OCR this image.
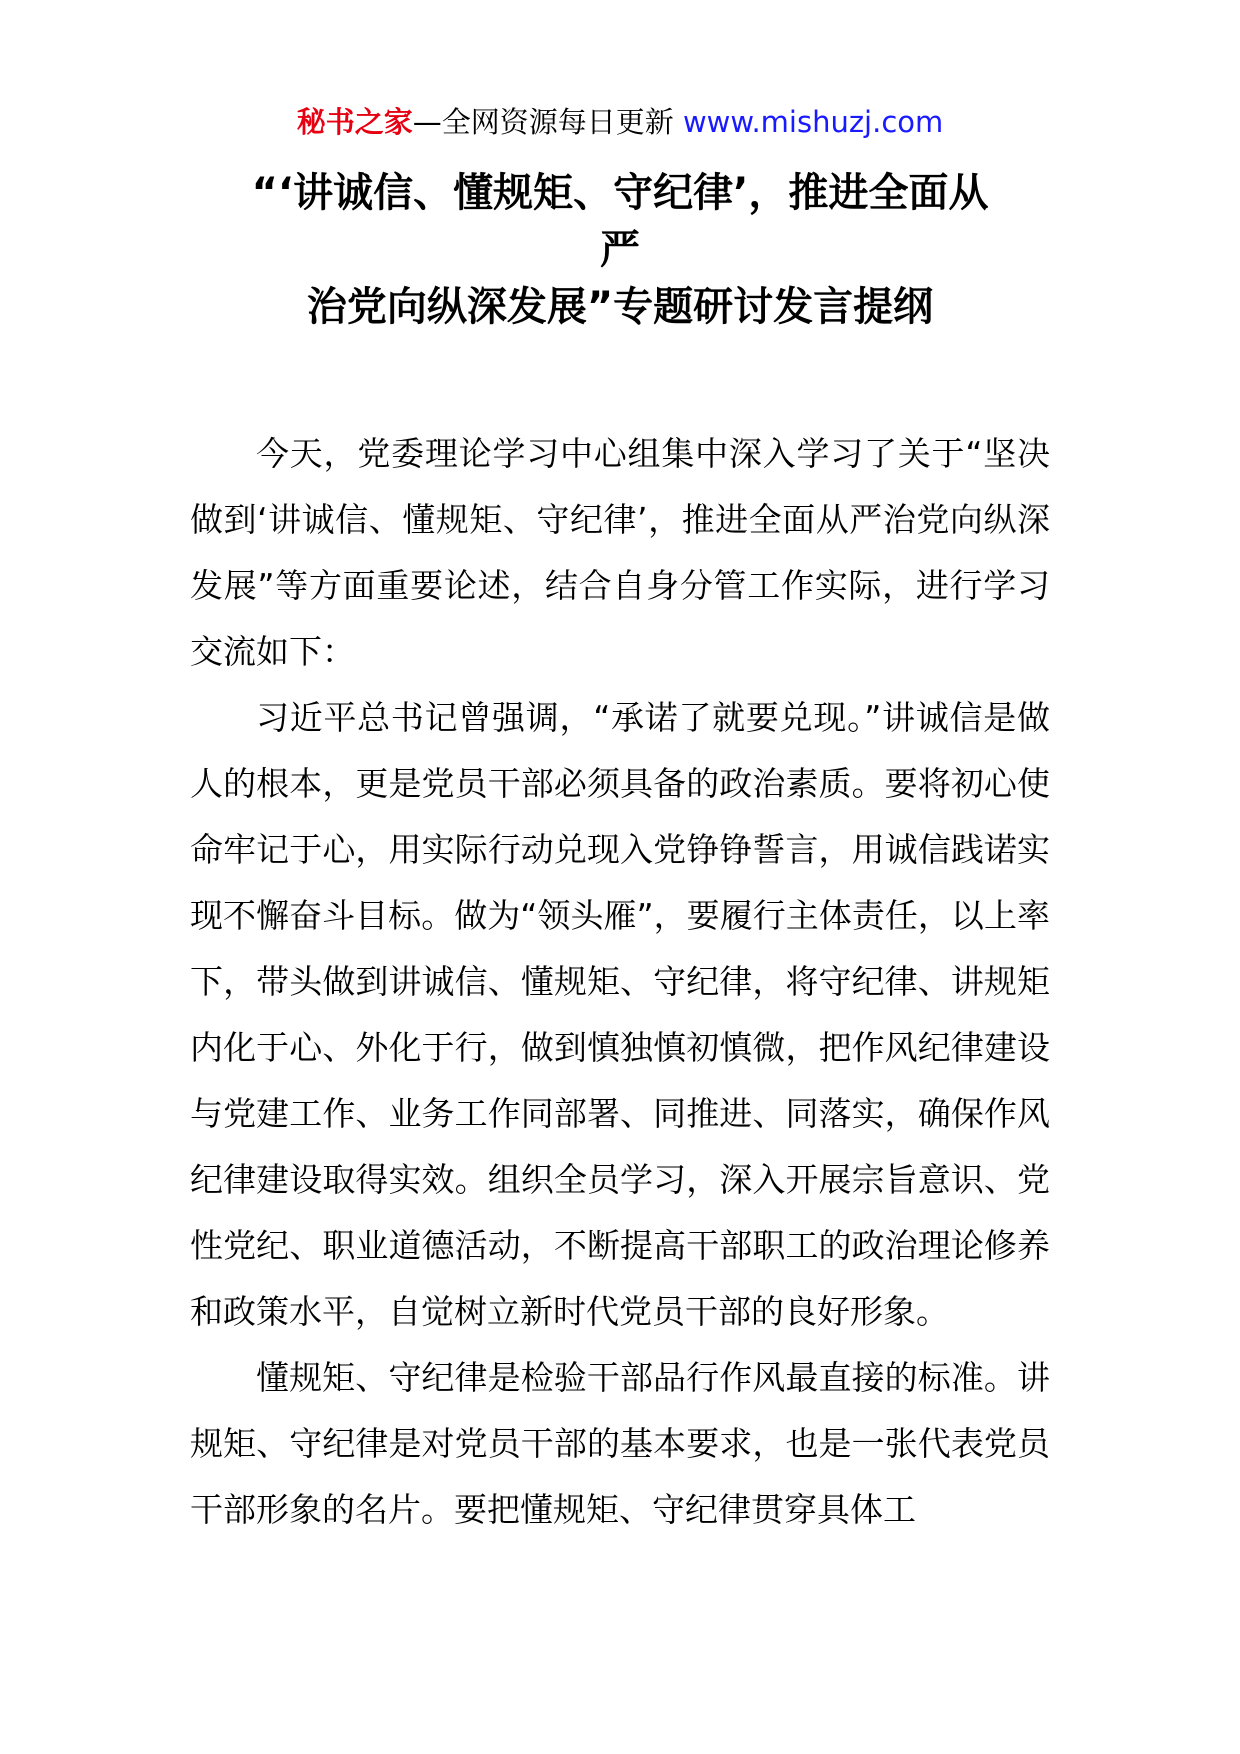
秘书之家—全网资源每日更新 www.mishuzj.com
“‘讲诚信、懂规矩、守纪律’，推进全面从
严
治党向纵深发展”专题研讨发言提纲

今天，党委理论学习中心组集中深入学习了关于“坚决做到‘讲诚信、懂规矩、守纪律’，推进全面从严治党向纵深发展”等方面重要论述，结合自身分管工作实际，进行学习交流如下：

习近平总书记曾强调，“承诺了就要兑现。”讲诚信是做人的根本，更是党员干部必须具备的政治素质。要将初心使命牢记于心，用实际行动兑现入党铮铮誓言，用诚信践诺实现不懈奋斗目标。做为“领头雁”，要履行主体责任，以上率下，带头做到讲诚信、懂规矩、守纪律，将守纪律、讲规矩内化于心、外化于行，做到慎独慎初慎微，把作风纪律建设与党建工作、业务工作同部署、同推进、同落实，确保作风纪律建设取得实效。组织全员学习，深入开展宗旨意识、党性党纪、职业道德活动，不断提高干部职工的政治理论修养和政策水平，自觉树立新时代党员干部的良好形象。

懂规矩、守纪律是检验干部品行作风最直接的标准。讲规矩、守纪律是对党员干部的基本要求，也是一张代表党员干部形象的名片。要把懂规矩、守纪律贯穿具体工
